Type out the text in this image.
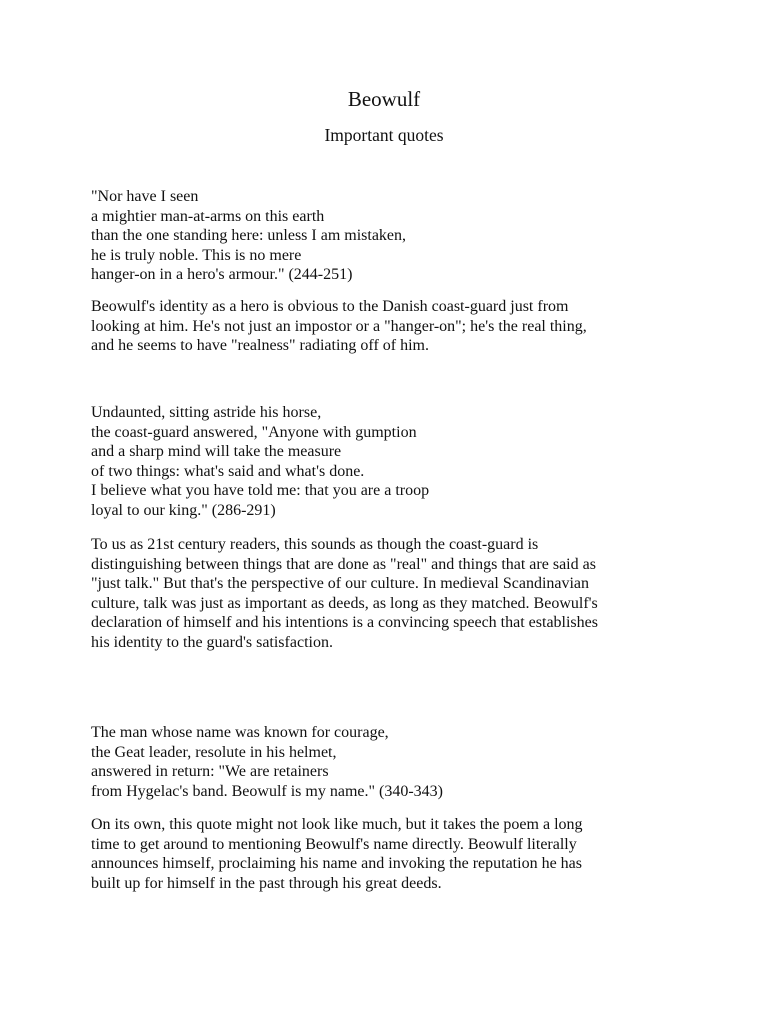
Beowulf
Important quotes
"Nor have I seen
a mightier man-at-arms on this earth
than the one standing here: unless I am mistaken,
he is truly noble. This is no mere
hanger-on in a hero's armour." (244-251)
Beowulf's identity as a hero is obvious to the Danish coast-guard just from
looking at him. He's not just an impostor or a "hanger-on"; he's the real thing,
and he seems to have "realness" radiating off of him.
Undaunted, sitting astride his horse,
the coast-guard answered, "Anyone with gumption
and a sharp mind will take the measure
of two things: what's said and what's done.
I believe what you have told me: that you are a troop
loyal to our king." (286-291)
To us as 21st century readers, this sounds as though the coast-guard is
distinguishing between things that are done as "real" and things that are said as
"just talk." But that's the perspective of our culture. In medieval Scandinavian
culture, talk was just as important as deeds, as long as they matched. Beowulf's
declaration of himself and his intentions is a convincing speech that establishes
his identity to the guard's satisfaction.
The man whose name was known for courage,
the Geat leader, resolute in his helmet,
answered in return: "We are retainers
from Hygelac's band. Beowulf is my name." (340-343)
On its own, this quote might not look like much, but it takes the poem a long
time to get around to mentioning Beowulf's name directly. Beowulf literally
announces himself, proclaiming his name and invoking the reputation he has
built up for himself in the past through his great deeds.
